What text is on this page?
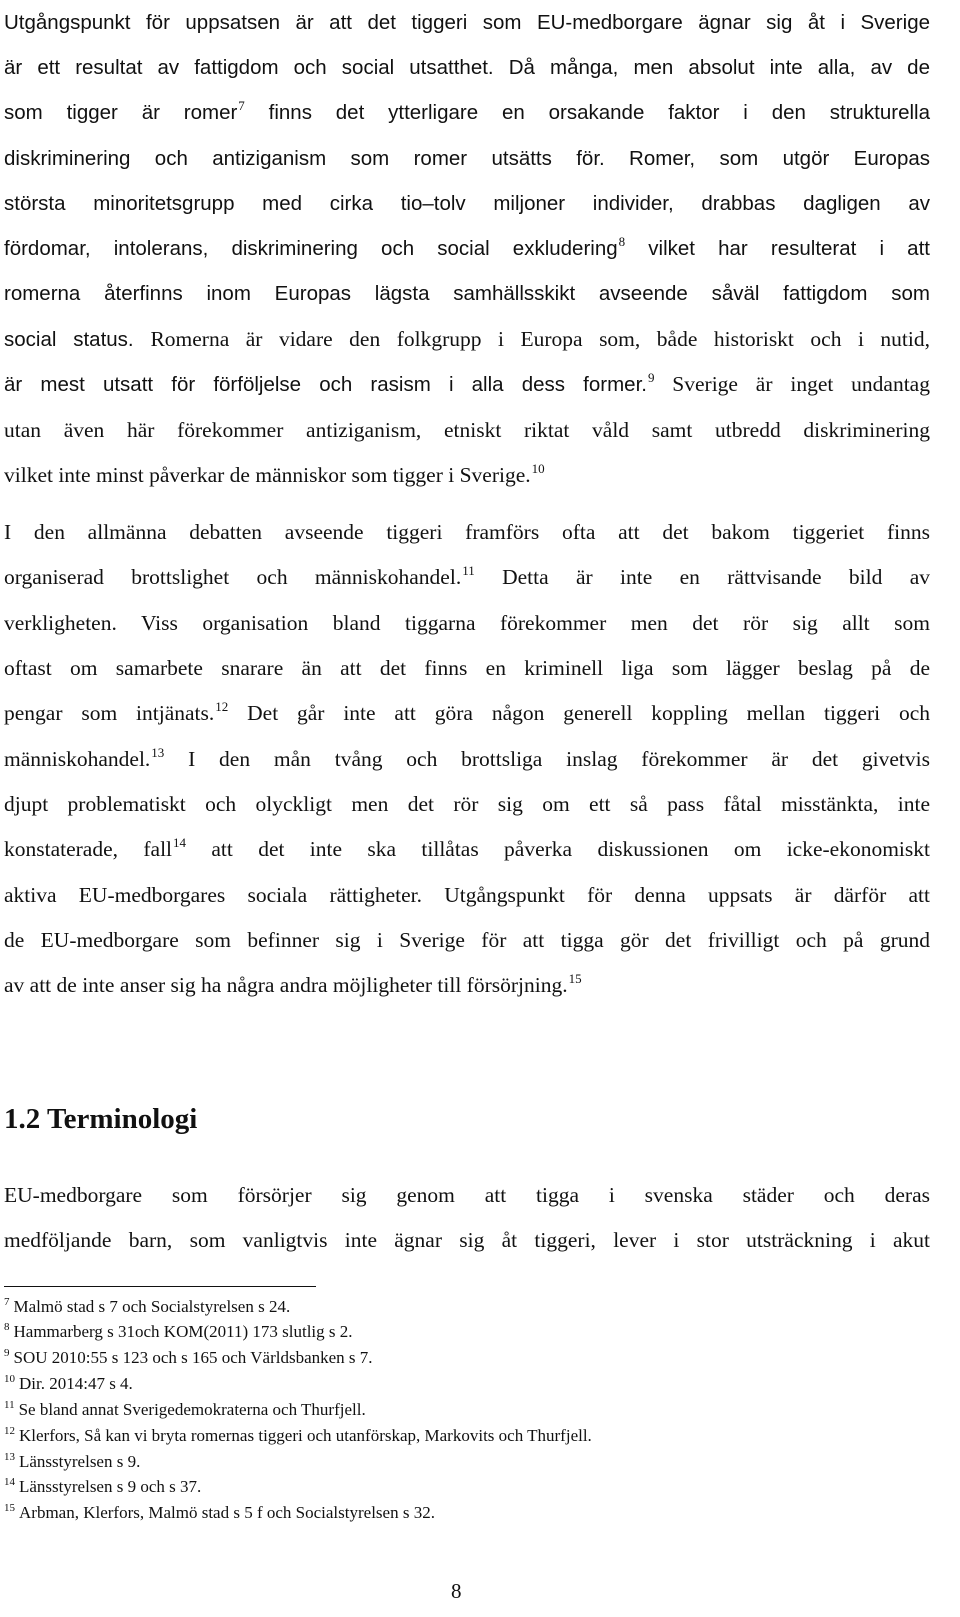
Utgångspunkt för uppsatsen är att det tiggeri som EU-medborgare ägnar sig åt i Sverige
är ett resultat av fattigdom och social utsatthet. Då många, men absolut inte alla, av de
som tigger är romer$^7$ finns det ytterligare en orsakande faktor i den strukturella
diskriminering och antiziganism som romer utsätts för. Romer, som utgör Europas
största minoritetsgrupp med cirka tio–tolv miljoner individer, drabbas dagligen av
fördomar, intolerans, diskriminering och social exkludering$^8$ vilket har resulterat i att
romerna återfinns inom Europas lägsta samhällsskikt avseende såväl fattigdom som
social status. Romerna är vidare den folkgrupp i Europa som, både historiskt och i nutid,
är mest utsatt för förföljelse och rasism i alla dess former.$^9$ Sverige är inget undantag
utan även här förekommer antiziganism, etniskt riktat våld samt utbredd diskriminering
vilket inte minst påverkar de människor som tigger i Sverige.$^{10}$
I den allmänna debatten avseende tiggeri framförs ofta att det bakom tiggeriet finns
organiserad brottslighet och människohandel.$^{11}$ Detta är inte en rättvisande bild av
verkligheten. Viss organisation bland tiggarna förekommer men det rör sig allt som
oftast om samarbete snarare än att det finns en kriminell liga som lägger beslag på de
pengar som intjänats.$^{12}$ Det går inte att göra någon generell koppling mellan tiggeri och
människohandel.$^{13}$ I den mån tvång och brottsliga inslag förekommer är det givetvis
djupt problematiskt och olyckligt men det rör sig om ett så pass fåtal misstänkta, inte
konstaterade, fall$^{14}$ att det inte ska tillåtas påverka diskussionen om icke-ekonomiskt
aktiva EU-medborgares sociala rättigheter. Utgångspunkt för denna uppsats är därför att
de EU-medborgare som befinner sig i Sverige för att tigga gör det frivilligt och på grund
av att de inte anser sig ha några andra möjligheter till försörjning.$^{15}$
1.2 Terminologi
EU-medborgare som försörjer sig genom att tigga i svenska städer och deras
medföljande barn, som vanligtvis inte ägnar sig åt tiggeri, lever i stor utsträckning i akut
$^7$ Malmö stad s 7 och Socialstyrelsen s 24.
$^8$ Hammarberg s 31och KOM(2011) 173 slutlig s 2.
$^9$ SOU 2010:55 s 123 och s 165 och Världsbanken s 7.
$^{10}$ Dir. 2014:47 s 4.
$^{11}$ Se bland annat Sverigedemokraterna och Thurfjell.
$^{12}$ Klerfors, Så kan vi bryta romernas tiggeri och utanförskap, Markovits och Thurfjell.
$^{13}$ Länsstyrelsen s 9.
$^{14}$ Länsstyrelsen s 9 och s 37.
$^{15}$ Arbman, Klerfors, Malmö stad s 5 f och Socialstyrelsen s 32.
8
